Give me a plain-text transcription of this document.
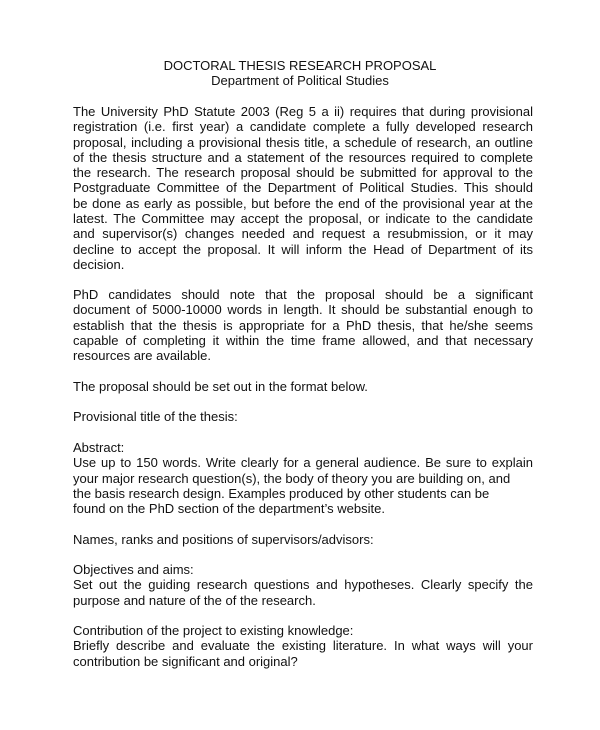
DOCTORAL THESIS RESEARCH PROPOSAL
Department of Political Studies
The University PhD Statute 2003 (Reg 5 a ii) requires that during provisional
registration (i.e. first year) a candidate complete a fully developed research
proposal, including a provisional thesis title, a schedule of research, an outline
of the thesis structure and a statement of the resources required to complete
the research. The research proposal should be submitted for approval to the
Postgraduate Committee of the Department of Political Studies. This should
be done as early as possible, but before the end of the provisional year at the
latest. The Committee may accept the proposal, or indicate to the candidate
and supervisor(s) changes needed and request a resubmission, or it may
decline to accept the proposal. It will inform the Head of Department of its
decision.
PhD candidates should note that the proposal should be a significant
document of 5000-10000 words in length. It should be substantial enough to
establish that the thesis is appropriate for a PhD thesis, that he/she seems
capable of completing it within the time frame allowed, and that necessary
resources are available.
The proposal should be set out in the format below.
Provisional title of the thesis:
Abstract:
Use up to 150 words. Write clearly for a general audience. Be sure to explain
your major research question(s), the body of theory you are building on, and
the basis research design. Examples produced by other students can be
found on the PhD section of the department’s website.
Names, ranks and positions of supervisors/advisors:
Objectives and aims:
Set out the guiding research questions and hypotheses. Clearly specify the
purpose and nature of the of the research.
Contribution of the project to existing knowledge:
Briefly describe and evaluate the existing literature. In what ways will your
contribution be significant and original?
